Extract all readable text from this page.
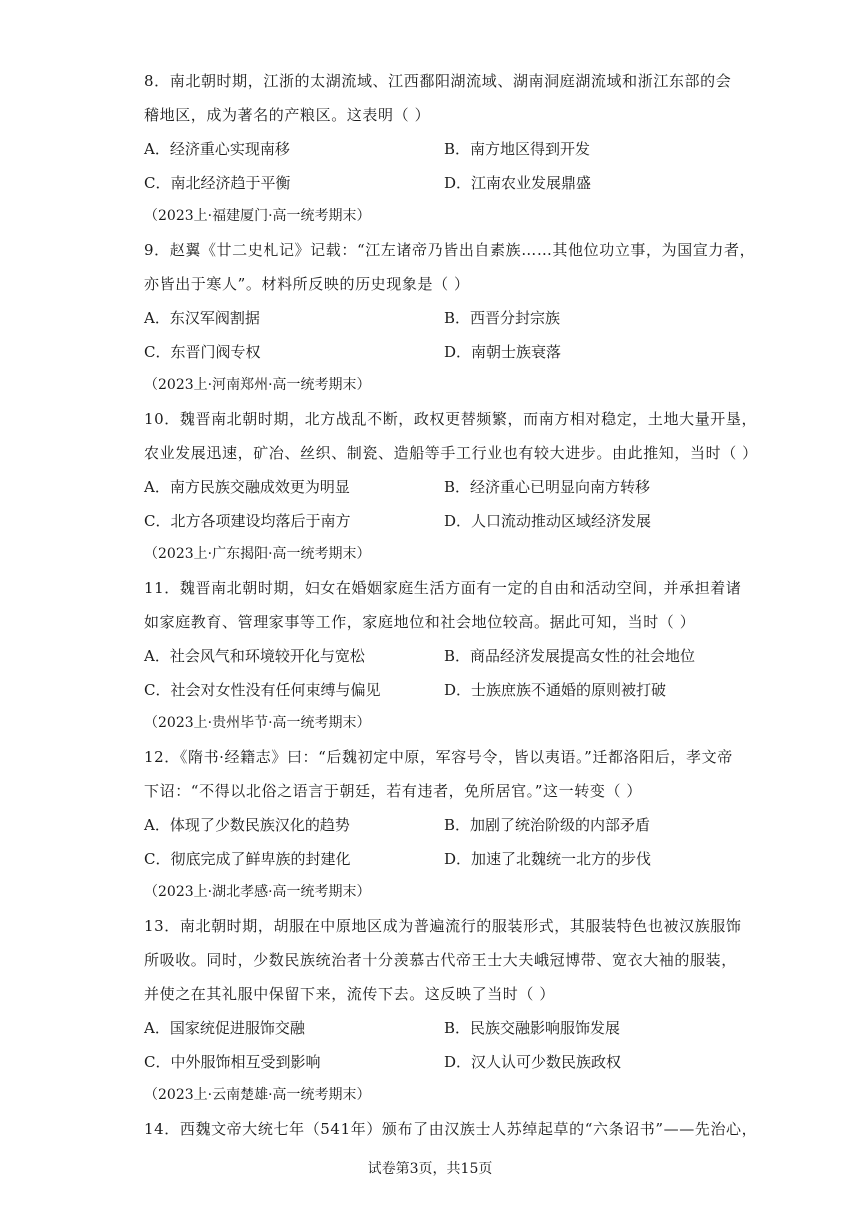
8．南北朝时期，江浙的太湖流域、江西鄱阳湖流域、湖南洞庭湖流域和浙江东部的会
稽地区，成为著名的产粮区。这表明（ ）
A．经济重心实现南移	B．南方地区得到开发
C．南北经济趋于平衡	D．江南农业发展鼎盛
（2023上·福建厦门·高一统考期末）
9．赵翼《廿二史札记》记载：“江左诸帝乃皆出自素族……其他位功立事，为国宣力者，
亦皆出于寒人”。材料所反映的历史现象是（ ）
A．东汉军阀割据	B．西晋分封宗族
C．东晋门阀专权	D．南朝士族衰落
（2023上·河南郑州·高一统考期末）
10．魏晋南北朝时期，北方战乱不断，政权更替频繁，而南方相对稳定，土地大量开垦，
农业发展迅速，矿冶、丝织、制瓷、造船等手工行业也有较大进步。由此推知，当时（ ）
A．南方民族交融成效更为明显	B．经济重心已明显向南方转移
C．北方各项建设均落后于南方	D．人口流动推动区域经济发展
（2023上·广东揭阳·高一统考期末）
11．魏晋南北朝时期，妇女在婚姻家庭生活方面有一定的自由和活动空间，并承担着诸
如家庭教育、管理家事等工作，家庭地位和社会地位较高。据此可知，当时（ ）
A．社会风气和环境较开化与宽松	B．商品经济发展提高女性的社会地位
C．社会对女性没有任何束缚与偏见	D．士族庶族不通婚的原则被打破
（2023上·贵州毕节·高一统考期末）
12．《隋书·经籍志》曰：“后魏初定中原，军容号令，皆以夷语。”迁都洛阳后，孝文帝
下诏：“不得以北俗之语言于朝廷，若有违者，免所居官。”这一转变（ ）
A．体现了少数民族汉化的趋势	B．加剧了统治阶级的内部矛盾
C．彻底完成了鲜卑族的封建化	D．加速了北魏统一北方的步伐
（2023上·湖北孝感·高一统考期末）
13．南北朝时期，胡服在中原地区成为普遍流行的服装形式，其服装特色也被汉族服饰
所吸收。同时，少数民族统治者十分羡慕古代帝王士大夫峨冠博带、宽衣大袖的服装，
并使之在其礼服中保留下来，流传下去。这反映了当时（ ）
A．国家统促进服饰交融	B．民族交融影响服饰发展
C．中外服饰相互受到影响	D．汉人认可少数民族政权
（2023上·云南楚雄·高一统考期末）
14．西魏文帝大统七年（541年）颁布了由汉族士人苏绰起草的“六条诏书”——先治心，
试卷第3页，共15页
